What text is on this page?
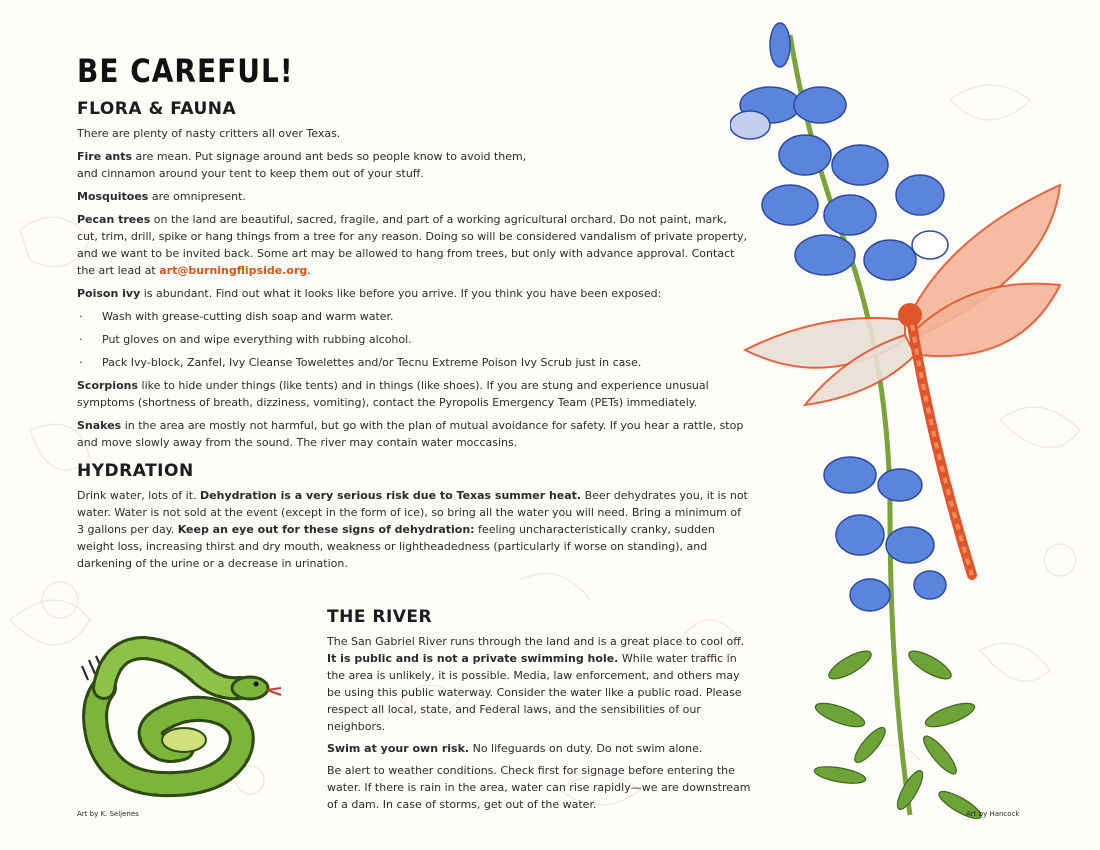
BE CAREFUL!
FLORA & FAUNA

There are plenty of nasty critters all over Texas.

Fire ants are mean. Put signage around ant beds so people know to avoid them,
and cinnamon around your tent to keep them out of your stuff.

Mosquitoes are omnipresent.

Pecan trees on the land are beautiful, sacred, fragile, and part of a working agricultural orchard. Do not paint, mark, cut, trim, drill, spike or hang things from a tree for any reason. Doing so will be considered vandalism of private property, and we want to be invited back. Some art may be allowed to hang from trees, but only with advance approval. Contact the art lead at art@burningflipside.org.

Poison ivy is abundant. Find out what it looks like before you arrive. If you think you have been exposed:

· Wash with grease-cutting dish soap and warm water.
· Put gloves on and wipe everything with rubbing alcohol.
· Pack Ivy-block, Zanfel, Ivy Cleanse Towelettes and/or Tecnu Extreme Poison Ivy Scrub just in case.

Scorpions like to hide under things (like tents) and in things (like shoes). If you are stung and experience unusual symptoms (shortness of breath, dizziness, vomiting), contact the Pyropolis Emergency Team (PETs) immediately.

Snakes in the area are mostly not harmful, but go with the plan of mutual avoidance for safety. If you hear a rattle, stop and move slowly away from the sound. The river may contain water moccasins.

HYDRATION

Drink water, lots of it. Dehydration is a very serious risk due to Texas summer heat. Beer dehydrates you, it is not water. Water is not sold at the event (except in the form of ice), so bring all the water you will need. Bring a minimum of 3 gallons per day. Keep an eye out for these signs of dehydration: feeling uncharacteristically cranky, sudden weight loss, increasing thirst and dry mouth, weakness or lightheadedness (particularly if worse on standing), and darkening of the urine or a decrease in urination.

THE RIVER

The San Gabriel River runs through the land and is a great place to cool off. It is public and is not a private swimming hole. While water traffic in the area is unlikely, it is possible. Media, law enforcement, and others may be using this public waterway. Consider the water like a public road. Please respect all local, state, and Federal laws, and the sensibilities of our neighbors.

Swim at your own risk. No lifeguards on duty. Do not swim alone.

Be alert to weather conditions. Check first for signage before entering the water. If there is rain in the area, water can rise rapidly—we are downstream of a dam. In case of storms, get out of the water.

Art by K. Seljenes	Art by Hancock
